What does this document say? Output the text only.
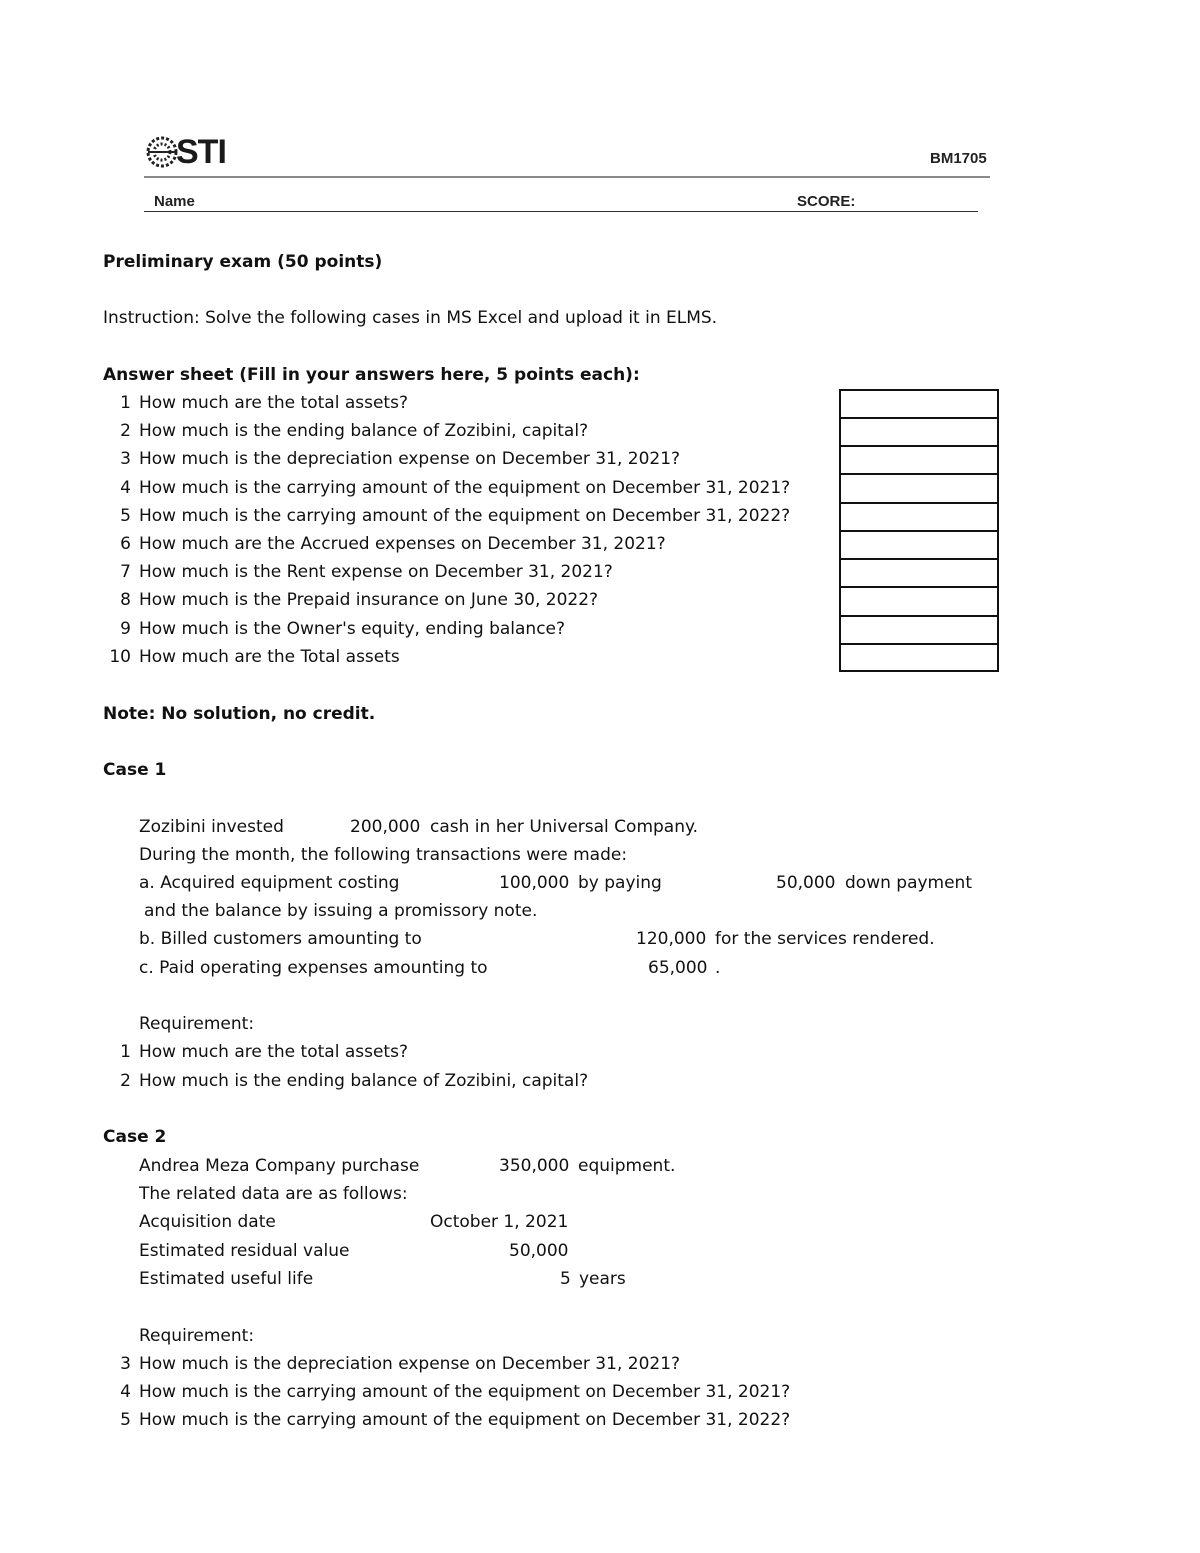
STI	BM1705
Name	SCORE:
Preliminary exam (50 points)
Instruction: Solve the following cases in MS Excel and upload it in ELMS.
Answer sheet (Fill in your answers here, 5 points each):
1 How much are the total assets?
2 How much is the ending balance of Zozibini, capital?
3 How much is the depreciation expense on December 31, 2021?
4 How much is the carrying amount of the equipment on December 31, 2021?
5 How much is the carrying amount of the equipment on December 31, 2022?
6 How much are the Accrued expenses on December 31, 2021?
7 How much is the Rent expense on December 31, 2021?
8 How much is the Prepaid insurance on June 30, 2022?
9 How much is the Owner's equity, ending balance?
10 How much are the Total assets
Note: No solution, no credit.
Case 1
Zozibini invested	200,000 cash in her Universal Company.
During the month, the following transactions were made:
a. Acquired equipment costing	100,000 by paying	50,000 down payment
and the balance by issuing a promissory note.
b. Billed customers amounting to	120,000 for the services rendered.
c. Paid operating expenses amounting to	65,000 .
Requirement:
1 How much are the total assets?
2 How much is the ending balance of Zozibini, capital?
Case 2
Andrea Meza Company purchase	350,000 equipment.
The related data are as follows:
Acquisition date	October 1, 2021
Estimated residual value	50,000
Estimated useful life	5 years
Requirement:
3 How much is the depreciation expense on December 31, 2021?
4 How much is the carrying amount of the equipment on December 31, 2021?
5 How much is the carrying amount of the equipment on December 31, 2022?
